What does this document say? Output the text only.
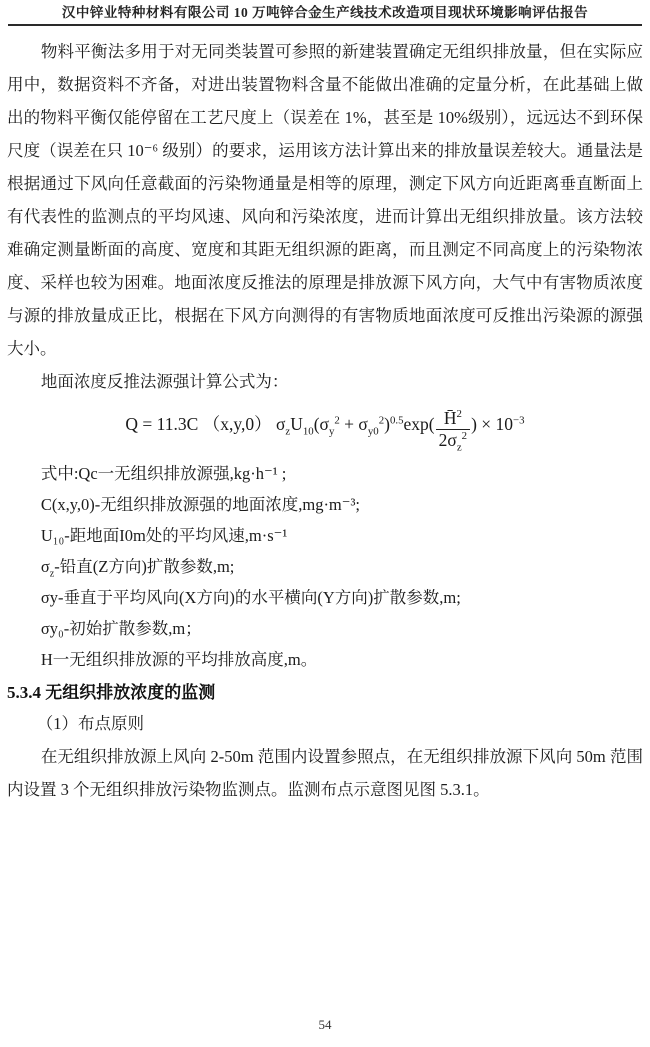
汉中锌业特种材料有限公司 10 万吨锌合金生产线技术改造项目现状环境影响评估报告

物料平衡法多用于对无同类装置可参照的新建装置确定无组织排放量，但在实际应用中，数据资料不齐备，对进出装置物料含量不能做出准确的定量分析，在此基础上做出的物料平衡仅能停留在工艺尺度上（误差在 1%，甚至是 10%级别），远远达不到环保尺度（误差在只 10⁻⁶ 级别）的要求，运用该方法计算出来的排放量误差较大。通量法是根据通过下风向任意截面的污染物通量是相等的原理，测定下风方向近距离垂直断面上有代表性的监测点的平均风速、风向和污染浓度，进而计算出无组织排放量。该方法较难确定测量断面的高度、宽度和其距无组织源的距离，而且测定不同高度上的污染物浓度、采样也较为困难。地面浓度反推法的原理是排放源下风方向，大气中有害物质浓度与源的排放量成正比，根据在下风方向测得的有害物质地面浓度可反推出污染源的源强大小。

地面浓度反推法源强计算公式为：

Q = 11.3C （x,y,0） $\sigma_zU_{10}(\sigma_y^2 + \sigma_{y0}^2)^{0.5}\exp( \frac{H̄^2}{2\sigma_z^2}$ ) × $10^{-3}$

式中:Qc一无组织排放源强,kg·h⁻¹ ;

C(x,y,0)-无组织排放源强的地面浓度,mg·m⁻³;

U₁₀-距地面I0m处的平均风速,m·s⁻¹

$\sigma_z-$铅直(Z方向)扩散参数,m;

σy-垂直于平均风向(X方向)的水平横向(Y方向)扩散参数,m;

σy₀-初始扩散参数,m；

H一无组织排放源的平均排放高度,m。

5.3.4 无组织排放浓度的监测

（1）布点原则

在无组织排放源上风向 2-50m 范围内设置参照点，在无组织排放源下风向 50m 范围内设置 3 个无组织排放污染物监测点。监测布点示意图见图 5.3.1。

54
